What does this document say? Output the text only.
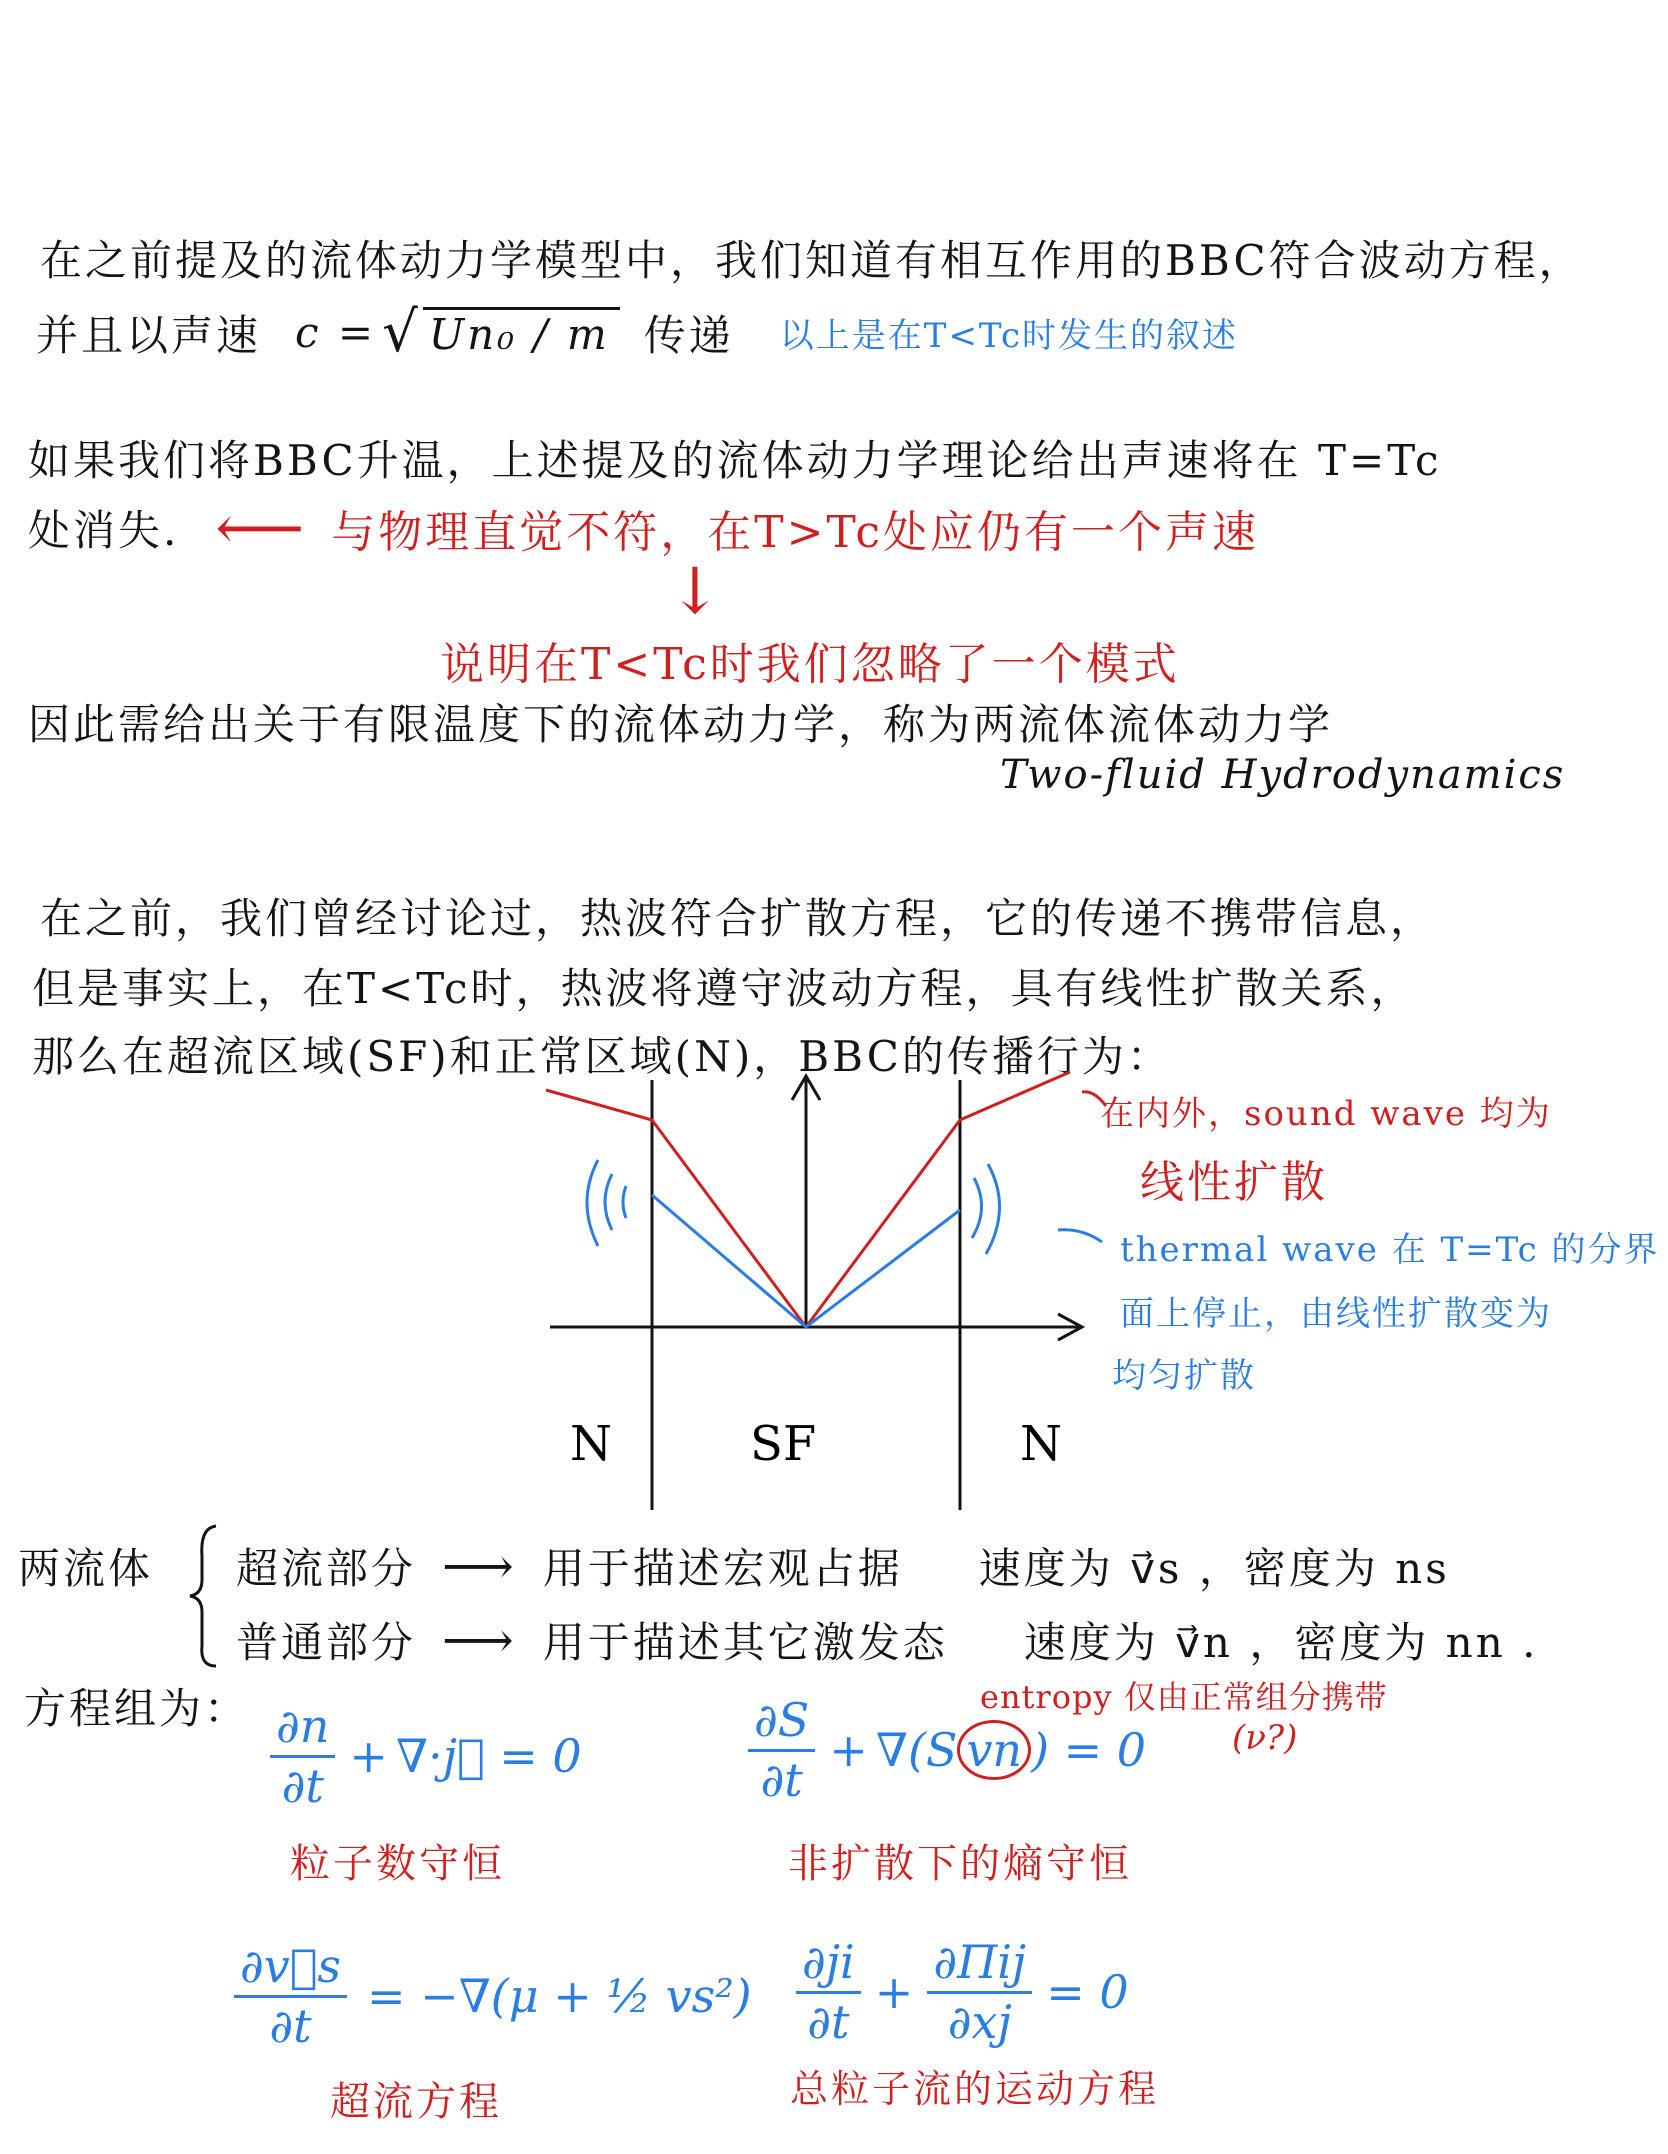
在之前提及的流体动力学模型中，我们知道有相互作用的BBC符合波动方程，
并且以声速 c = √ Un₀ / m 传递 以上是在T<Tc时发生的叙述
如果我们将BBC升温，上述提及的流体动力学理论给出声速将在 T=Tc
处消失. ⟵ 与物理直觉不符，在T>Tc处应仍有一个声速
↓
说明在T<Tc时我们忽略了一个模式
因此需给出关于有限温度下的流体动力学，称为两流体流体动力学
Two-fluid Hydrodynamics
在之前，我们曾经讨论过，热波符合扩散方程，它的传递不携带信息，
但是事实上，在T<Tc时，热波将遵守波动方程，具有线性扩散关系，
那么在超流区域(SF)和正常区域(N)，BBC的传播行为：
N	SF	N
在内外，sound wave 均为
线性扩散
thermal wave 在 T=Tc 的分界
面上停止，由线性扩散变为
均匀扩散
两流体 超流部分 ⟶ 用于描述宏观占据 速度为 v⃗s ，密度为 ns
普通部分 ⟶ 用于描述其它激发态 速度为 v⃗n ，密度为 nn .
方程组为： $\frac{\partial n}{\partial t}$ + ∇·j⃗ = 0
粒子数守恒
$\frac{\partial S}{\partial t} + \nabla(S$ vn ) = 0
entropy 仅由正常组分携带
(ν?)
非扩散下的熵守恒
$\frac{\partial v⃗s}{\partial t} = -\nabla(\mu$ + ½ vs²)
超流方程
$\frac{\partial ji}{\partial t} + \frac{\text{∂Πij}}{\partial xj} = 0$
总粒子流的运动方程
